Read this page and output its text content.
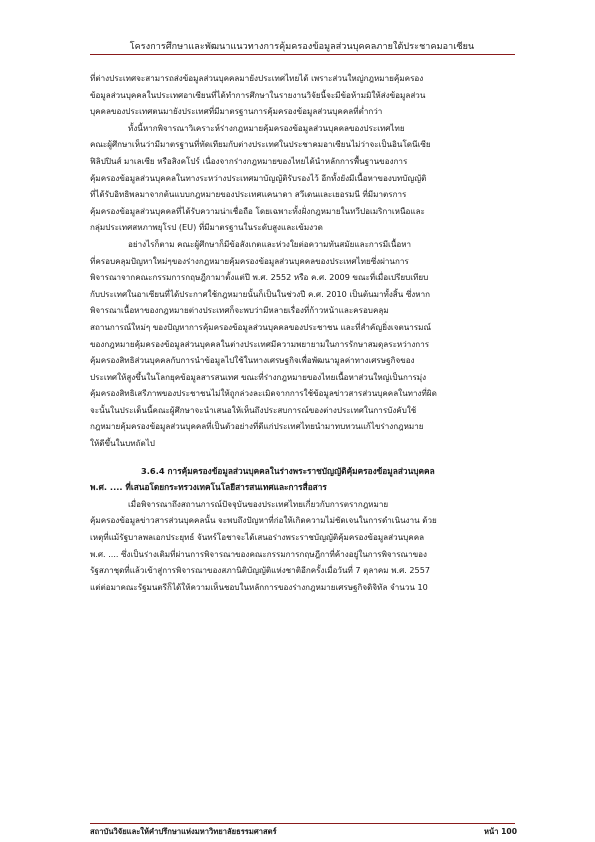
โครงการศึกษาและพัฒนาแนวทางการคุ้มครองข้อมูลส่วนบุคคลภายใต้ประชาคมอาเซียน
ที่ต่างประเทศจะสามารถส่งข้อมูลส่วนบุคคลมายังประเทศไทยได้ เพราะส่วนใหญ่กฎหมายคุ้มครอง
ข้อมูลส่วนบุคคลในประเทศอาเซียนที่ได้ทำการศึกษาในรายงานวิจัยนี้จะมีข้อห้ามมิให้ส่งข้อมูลส่วน
บุคคลของประเทศตนมายังประเทศที่มีมาตรฐานการคุ้มครองข้อมูลส่วนบุคคลที่ต่ำกว่า
ทั้งนี้หากพิจารณาวิเคราะห์ร่างกฎหมายคุ้มครองข้อมูลส่วนบุคคลของประเทศไทย
คณะผู้ศึกษาเห็นว่ามีมาตรฐานที่ทัดเทียมกับต่างประเทศในประชาคมอาเซียนไม่ว่าจะเป็นอินโดนีเซีย
ฟิลิปปินส์ มาเลเซีย หรือสิงคโปร์ เนื่องจากร่างกฎหมายของไทยได้นำหลักการพื้นฐานของการ
คุ้มครองข้อมูลส่วนบุคคลในทางระหว่างประเทศมาบัญญัติรับรองไว้ อีกทั้งยังมีเนื้อหาของบทบัญญัติ
ที่ได้รับอิทธิพลมาจากต้นแบบกฎหมายของประเทศแคนาดา สวีเดนและเยอรมนี ที่มีมาตรการ
คุ้มครองข้อมูลส่วนบุคคลที่ได้รับความน่าเชื่อถือ โดยเฉพาะทั้งฝั่งกฎหมายในทวีปอเมริกาเหนือและ
กลุ่มประเทศสหภาพยุโรป (EU) ที่มีมาตรฐานในระดับสูงและเข้มงวด
อย่างไรก็ตาม คณะผู้ศึกษาก็มีข้อสังเกตและห่วงใยต่อความทันสมัยและการมีเนื้อหา
ที่ครอบคลุมปัญหาใหม่ๆของร่างกฎหมายคุ้มครองข้อมูลส่วนบุคคลของประเทศไทยซึ่งผ่านการ
พิจารณาจากคณะกรรมการกฤษฎีกามาตั้งแต่ปี พ.ศ. 2552 หรือ ค.ศ. 2009 ขณะที่เมื่อเปรียบเทียบ
กับประเทศในอาเซียนที่ได้ประกาศใช้กฎหมายนั้นก็เป็นในช่วงปี ค.ศ. 2010 เป็นต้นมาทั้งสิ้น ซึ่งหาก
พิจารณาเนื้อหาของกฎหมายต่างประเทศก็จะพบว่ามีหลายเรื่องที่ก้าวหน้าและครอบคลุม
สถานการณ์ใหม่ๆ ของปัญหาการคุ้มครองข้อมูลส่วนบุคคลของประชาชน และที่สำคัญยิ่งเจตนารมณ์
ของกฎหมายคุ้มครองข้อมูลส่วนบุคคลในต่างประเทศมีความพยายามในการรักษาสมดุลระหว่างการ
คุ้มครองสิทธิส่วนบุคคลกับการนำข้อมูลไปใช้ในทางเศรษฐกิจเพื่อพัฒนามูลค่าทางเศรษฐกิจของ
ประเทศให้สูงขึ้นในโลกยุคข้อมูลสารสนเทศ ขณะที่ร่างกฎหมายของไทยเนื้อหาส่วนใหญ่เป็นการมุ่ง
คุ้มครองสิทธิเสรีภาพของประชาชนไม่ให้ถูกล่วงละเมิดจากการใช้ข้อมูลข่าวสารส่วนบุคคลในทางที่ผิด
จะนั้นในประเด็นนี้คณะผู้ศึกษาจะนำเสนอให้เห็นถึงประสบการณ์ของต่างประเทศในการบังคับใช้
กฎหมายคุ้มครองข้อมูลส่วนบุคคลที่เป็นตัวอย่างที่ดีแก่ประเทศไทยนำมาทบทวนแก้ไขร่างกฎหมาย
ให้ดีขึ้นในบทถัดไป
3.6.4 การคุ้มครองข้อมูลส่วนบุคคลในร่างพระราชบัญญัติคุ้มครองข้อมูลส่วนบุคคล
พ.ศ. .... ที่เสนอโดยกระทรวงเทคโนโลยีสารสนเทศและการสื่อสาร
เมื่อพิจารณาถึงสถานการณ์ปัจจุบันของประเทศไทยเกี่ยวกับการตรากฎหมาย
คุ้มครองข้อมูลข่าวสารส่วนบุคคลนั้น จะพบถึงปัญหาที่ก่อให้เกิดความไม่ชัดเจนในการดำเนินงาน ด้วย
เหตุที่แม้รัฐบาลพลเอกประยุทธ์ จันทร์โอชาจะได้เสนอร่างพระราชบัญญัติคุ้มครองข้อมูลส่วนบุคคล
พ.ศ. .... ซึ่งเป็นร่างเดิมที่ผ่านการพิจารณาของคณะกรรมการกฤษฎีกาที่ค้างอยู่ในการพิจารณาของ
รัฐสภาชุดที่แล้วเข้าสู่การพิจารณาของสภานิติบัญญัติแห่งชาติอีกครั้งเมื่อวันที่ 7 ตุลาคม พ.ศ. 2557
แต่ต่อมาคณะรัฐมนตรีก็ได้ให้ความเห็นชอบในหลักการของร่างกฎหมายเศรษฐกิจดิจิทัล จำนวน 10
สถาบันวิจัยและให้คำปรึกษาแห่งมหาวิทยาลัยธรรมศาสตร์	หน้า 100
